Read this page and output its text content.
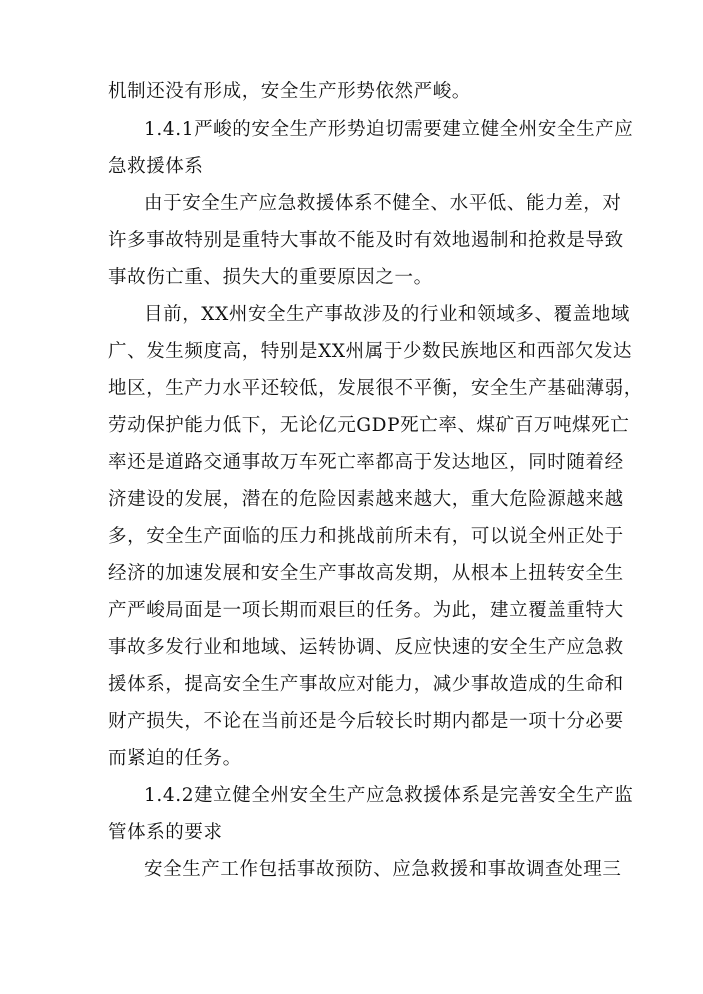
机制还没有形成，安全生产形势依然严峻。
1.4.1严峻的安全生产形势迫切需要建立健全州安全生产应
急救援体系
由于安全生产应急救援体系不健全、水平低、能力差，对
许多事故特别是重特大事故不能及时有效地遏制和抢救是导致
事故伤亡重、损失大的重要原因之一。
目前，XX州安全生产事故涉及的行业和领域多、覆盖地域
广、发生频度高，特别是XX州属于少数民族地区和西部欠发达
地区，生产力水平还较低，发展很不平衡，安全生产基础薄弱，
劳动保护能力低下，无论亿元GDP死亡率、煤矿百万吨煤死亡
率还是道路交通事故万车死亡率都高于发达地区，同时随着经
济建设的发展，潜在的危险因素越来越大，重大危险源越来越
多，安全生产面临的压力和挑战前所未有，可以说全州正处于
经济的加速发展和安全生产事故高发期，从根本上扭转安全生
产严峻局面是一项长期而艰巨的任务。为此，建立覆盖重特大
事故多发行业和地域、运转协调、反应快速的安全生产应急救
援体系，提高安全生产事故应对能力，减少事故造成的生命和
财产损失，不论在当前还是今后较长时期内都是一项十分必要
而紧迫的任务。
1.4.2建立健全州安全生产应急救援体系是完善安全生产监
管体系的要求
安全生产工作包括事故预防、应急救援和事故调查处理三
